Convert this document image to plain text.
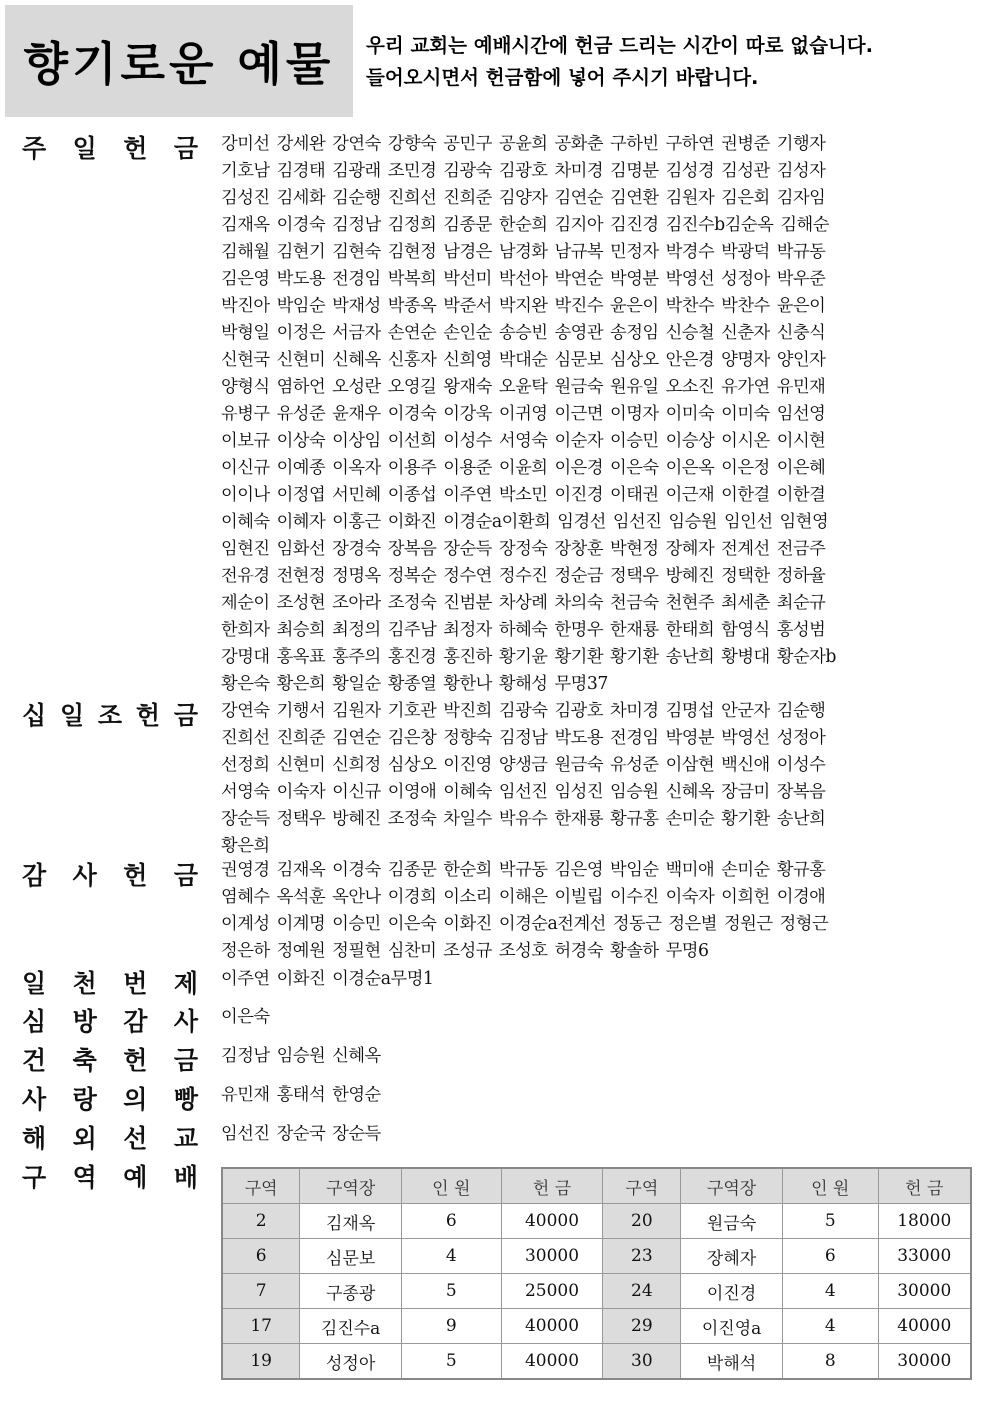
향기로운 예물 우리 교회는 예배시간에 헌금 드리는 시간이 따로 없습니다.
들어오시면서 헌금함에 넣어 주시기 바랍니다.
주 일 헌 금 강미선 강세완 강연숙 강향숙 공민구 공윤희 공화춘 구하빈 구하연 권병준 기행자
기호남 김경태 김광래 조민경 김광숙 김광호 차미경 김명분 김성경 김성관 김성자
김성진 김세화 김순행 진희선 진희준 김양자 김연순 김연환 김원자 김은회 김자임
김재옥 이경숙 김정남 김정희 김종문 한순희 김지아 김진경 김진수b김순옥 김해순
김해월 김현기 김현숙 김현정 남경은 남경화 남규복 민정자 박경수 박광덕 박규동
김은영 박도용 전경임 박복희 박선미 박선아 박연순 박영분 박영선 성정아 박우준
박진아 박임순 박재성 박종옥 박준서 박지완 박진수 윤은이 박찬수 박찬수 윤은이
박형일 이정은 서금자 손연순 손인순 송승빈 송영관 송정임 신승철 신춘자 신충식
신현국 신현미 신혜옥 신홍자 신희영 박대순 심문보 심상오 안은경 양명자 양인자
양형식 염하언 오성란 오영길 왕재숙 오윤탁 원금숙 원유일 오소진 유가연 유민재
유병구 유성준 윤재우 이경숙 이강욱 이귀영 이근면 이명자 이미숙 이미숙 임선영
이보규 이상숙 이상임 이선희 이성수 서영숙 이순자 이승민 이승상 이시온 이시현
이신규 이예종 이옥자 이용주 이용준 이윤희 이은경 이은숙 이은옥 이은정 이은혜
이이나 이정엽 서민혜 이종섭 이주연 박소민 이진경 이태권 이근재 이한결 이한결
이혜숙 이혜자 이홍근 이화진 이경순a이환희 임경선 임선진 임승원 임인선 임현영
임현진 임화선 장경숙 장복음 장순득 장정숙 장창훈 박현정 장혜자 전계선 전금주
전유경 전현정 정명옥 정복순 정수연 정수진 정순금 정택우 방혜진 정택한 정하율
제순이 조성현 조아라 조정숙 진범분 차상례 차의숙 천금숙 천현주 최세춘 최순규
한희자 최승희 최정의 김주남 최정자 하혜숙 한명우 한재룡 한태희 함영식 홍성범
강명대 홍옥표 홍주의 홍진경 홍진하 황기윤 황기환 황기환 송난희 황병대 황순자b
황은숙 황은희 황일순 황종열 황한나 황해성 무명37
십 일 조 헌 금 강연숙 기행서 김원자 기호관 박진희 김광숙 김광호 차미경 김명섭 안군자 김순행
진희선 진희준 김연순 김은창 정향숙 김정남 박도용 전경임 박영분 박영선 성정아
선정희 신현미 신희정 심상오 이진영 양생금 원금숙 유성준 이삼현 백신애 이성수
서영숙 이숙자 이신규 이영애 이혜숙 임선진 임성진 임승원 신혜옥 장금미 장복음
장순득 정택우 방혜진 조정숙 차일수 박유수 한재룡 황규홍 손미순 황기환 송난희
황은희
감 사 헌 금 권영경 김재옥 이경숙 김종문 한순희 박규동 김은영 박임순 백미애 손미순 황규홍
염혜수 옥석훈 옥안나 이경희 이소리 이해은 이빌립 이수진 이숙자 이희헌 이경애
이계성 이계명 이승민 이은숙 이화진 이경순a전계선 정동근 정은별 정원근 정형근
정은하 정예원 정필현 심찬미 조성규 조성호 허경숙 황솔하 무명6
일 천 번 제 이주연 이화진 이경순a무명1
심 방 감 사 이은숙
건 축 헌 금 김정남 임승원 신혜옥
사 랑 의 빵 유민재 홍태석 한영순
해 외 선 교 임선진 장순국 장순득
구 역 예 배	구역	구역장	인 원	헌 금	구역	구역장	인 원	헌 금
2	김재옥	6	40000	20	원금숙	5	18000
6	심문보	4	30000	23	장혜자	6	33000
7	구종광	5	25000	24	이진경	4	30000
17	김진수a	9	40000	29	이진영a	4	40000
19	성정아	5	40000	30	박해석	8	30000
